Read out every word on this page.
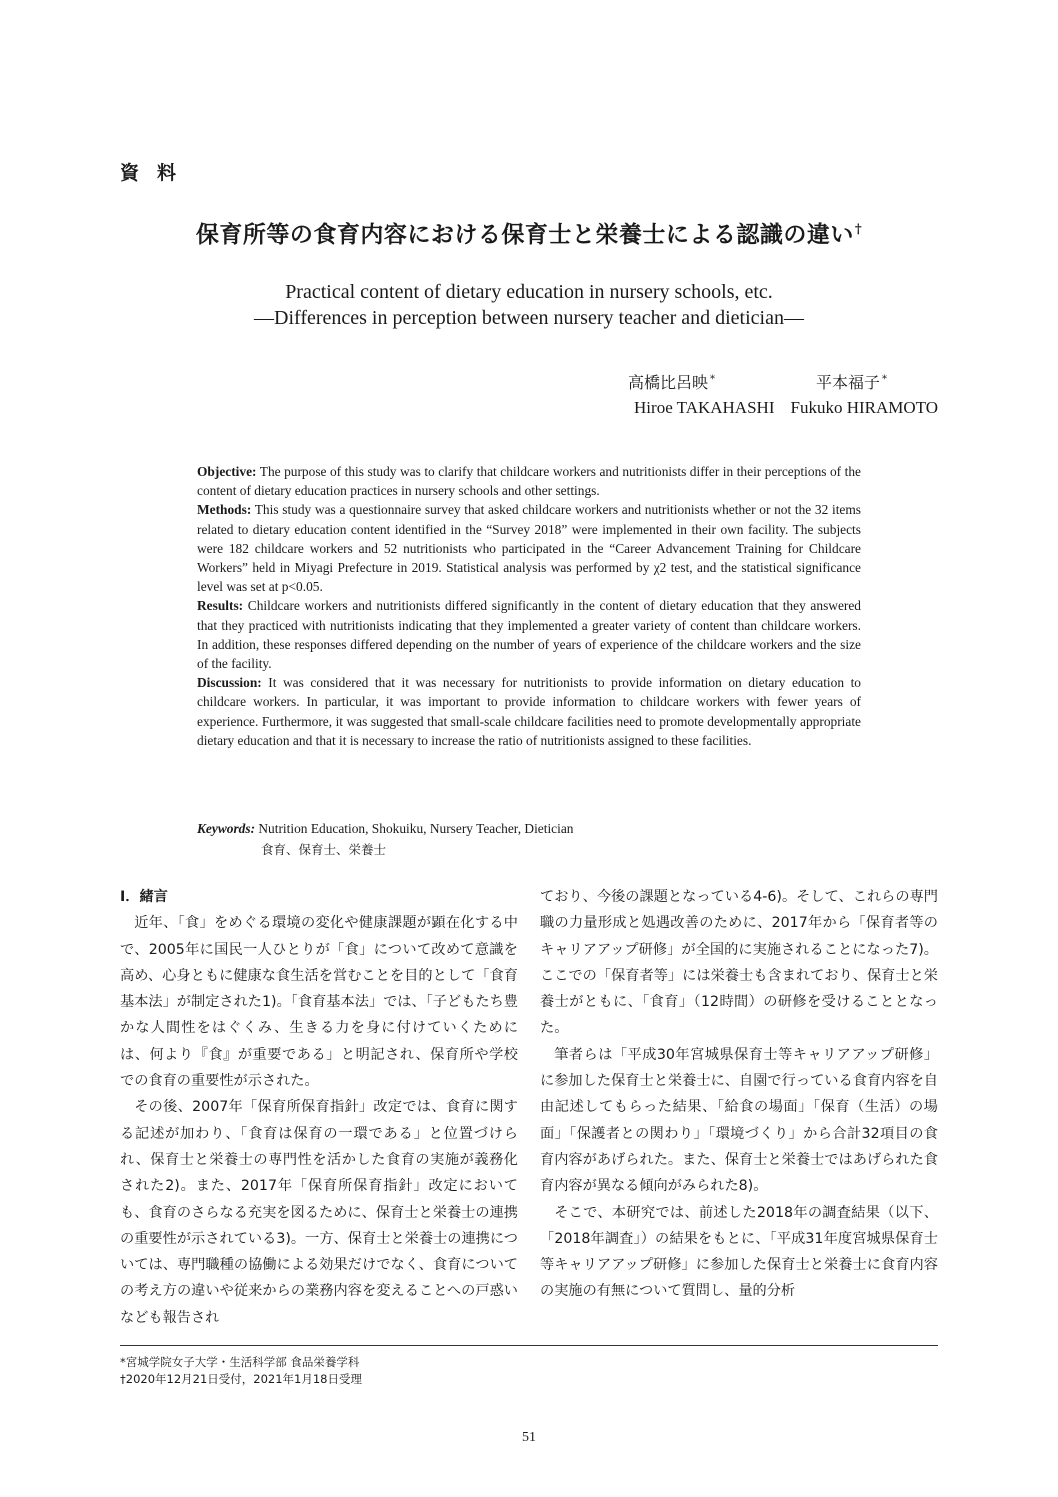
資料
保育所等の食育内容における保育士と栄養士による認識の違い†
Practical content of dietary education in nursery schools, etc.
―Differences in perception between nursery teacher and dietician―
高橋比呂映 *	平本福子 *
Hiroe TAKAHASHI Fukuko HIRAMOTO

Objective: The purpose of this study was to clarify that childcare workers and nutritionists differ in their perceptions of the content of dietary education practices in nursery schools and other settings.

Methods: This study was a questionnaire survey that asked childcare workers and nutritionists whether or not the 32 items related to dietary education content identified in the “Survey 2018” were implemented in their own facility. The subjects were 182 childcare workers and 52 nutritionists who participated in the “Career Advancement Training for Childcare Workers” held in Miyagi Prefecture in 2019. Statistical analysis was performed by χ2 test, and the statistical significance level was set at p<0.05.

Results: Childcare workers and nutritionists differed significantly in the content of dietary education that they answered that they practiced with nutritionists indicating that they implemented a greater variety of content than childcare workers. In addition, these responses differed depending on the number of years of experience of the childcare workers and the size of the facility.

Discussion: It was considered that it was necessary for nutritionists to provide information on dietary education to childcare workers. In particular, it was important to provide information to childcare workers with fewer years of experience. Furthermore, it was suggested that small-scale childcare facilities need to promote developmentally appropriate dietary education and that it is necessary to increase the ratio of nutritionists assigned to these facilities.

Keywords: Nutrition Education, Shokuiku, Nursery Teacher, Dietician
食育、保育士、栄養士
Ⅰ．緒言

近年、「食」をめぐる環境の変化や健康課題が顕在化する中で、2005年に国民一人ひとりが「食」について改めて意識を高め、心身ともに健康な食生活を営むことを目的として「食育基本法」が制定された1)。「食育基本法」では、「子どもたち豊かな人間性をはぐくみ、生きる力を身に付けていくためには、何より『食』が重要である」と明記され、保育所や学校での食育の重要性が示された。

その後、2007年「保育所保育指針」改定では、食育に関する記述が加わり、「食育は保育の一環である」と位置づけられ、保育士と栄養士の専門性を活かした食育の実施が義務化された2)。また、2017年「保育所保育指針」改定においても、食育のさらなる充実を図るために、保育士と栄養士の連携の重要性が示されている3)。一方、保育士と栄養士の連携については、専門職種の協働による効果だけでなく、食育についての考え方の違いや従来からの業務内容を変えることへの戸惑いなども報告され

ており、今後の課題となっている4-6)。そして、これらの専門職の力量形成と処遇改善のために、2017年から「保育者等のキャリアアップ研修」が全国的に実施されることになった7)。ここでの「保育者等」には栄養士も含まれており、保育士と栄養士がともに、「食育」（12時間）の研修を受けることとなった。

筆者らは「平成30年宮城県保育士等キャリアアップ研修」に参加した保育士と栄養士に、自園で行っている食育内容を自由記述してもらった結果、「給食の場面」「保育（生活）の場面」「保護者との関わり」「環境づくり」から合計32項目の食育内容があげられた。また、保育士と栄養士ではあげられた食育内容が異なる傾向がみられた8)。

そこで、本研究では、前述した2018年の調査結果（以下、「2018年調査」）の結果をもとに、「平成31年度宮城県保育士等キャリアアップ研修」に参加した保育士と栄養士に食育内容の実施の有無について質問し、量的分析

*宮城学院女子大学・生活科学部 食品栄養学科
†2020年12月21日受付，2021年1月18日受理
51
